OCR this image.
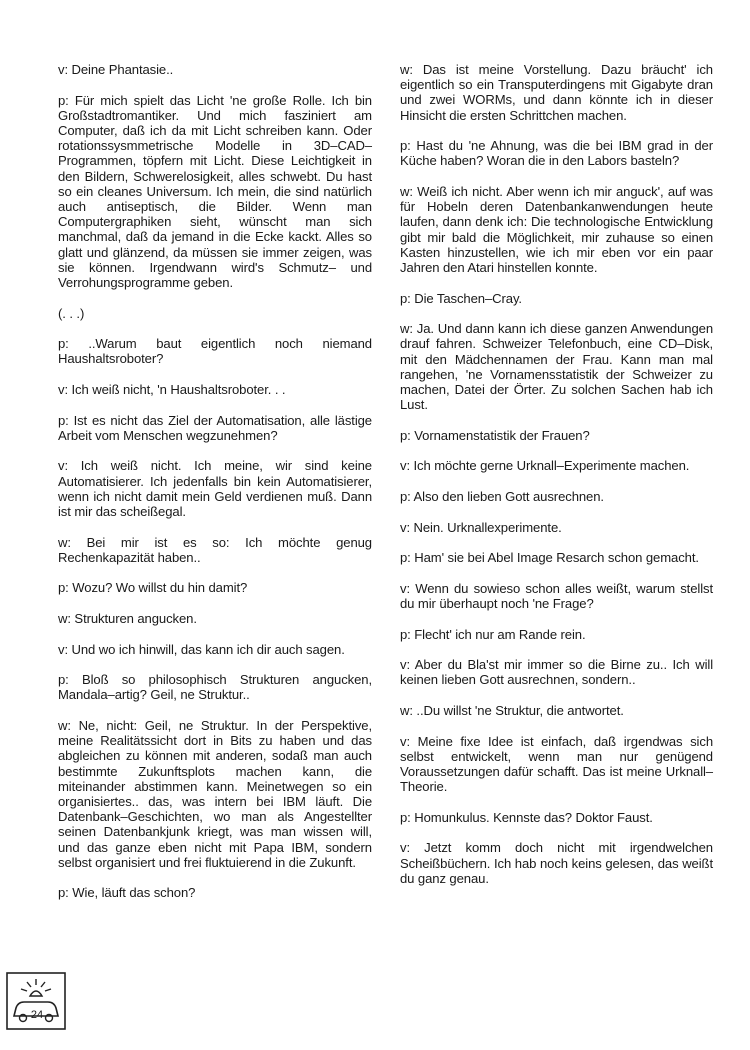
v: Deine Phantasie..

p: Für mich spielt das Licht 'ne große Rolle. Ich bin Großstadtromantiker. Und mich fasziniert am Computer, daß ich da mit Licht schreiben kann. Oder rotationssysmmetrische Modelle in 3D–CAD–Programmen, töpfern mit Licht. Diese Leichtigkeit in den Bildern, Schwerelosigkeit, alles schwebt. Du hast so ein cleanes Universum. Ich mein, die sind natürlich auch antiseptisch, die Bilder. Wenn man Computergraphiken sieht, wünscht man sich manchmal, daß da jemand in die Ecke kackt. Alles so glatt und glänzend, da müssen sie immer zeigen, was sie können. Irgendwann wird's Schmutz– und Verrohungsprogramme geben.

(. . .)

p: ..Warum baut eigentlich noch niemand Haushaltsroboter?

v: Ich weiß nicht, 'n Haushaltsroboter. . .

p: Ist es nicht das Ziel der Automatisation, alle lästige Arbeit vom Menschen wegzunehmen?

v: Ich weiß nicht. Ich meine, wir sind keine Automatisierer. Ich jedenfalls bin kein Automatisierer, wenn ich nicht damit mein Geld verdienen muß. Dann ist mir das scheißegal.

w: Bei mir ist es so: Ich möchte genug Rechenkapazität haben..

p: Wozu? Wo willst du hin damit?

w: Strukturen angucken.

v: Und wo ich hinwill, das kann ich dir auch sagen.

p: Bloß so philosophisch Strukturen angucken, Mandala–artig? Geil, ne Struktur..

w: Ne, nicht: Geil, ne Struktur. In der Perspektive, meine Realitätssicht dort in Bits zu haben und das abgleichen zu können mit anderen, sodaß man auch bestimmte Zukunftsplots machen kann, die miteinander abstimmen kann. Meinetwegen so ein organisiertes.. das, was intern bei IBM läuft. Die Datenbank–Geschichten, wo man als Angestellter seinen Datenbankjunk kriegt, was man wissen will, und das ganze eben nicht mit Papa IBM, sondern selbst organisiert und frei fluktuierend in die Zukunft.

p: Wie, läuft das schon?

w: Das ist meine Vorstellung. Dazu bräucht' ich eigentlich so ein Transputerdingens mit Gigabyte dran und zwei WORMs, und dann könnte ich in dieser Hinsicht die ersten Schrittchen machen.

p: Hast du 'ne Ahnung, was die bei IBM grad in der Küche haben? Woran die in den Labors basteln?

w: Weiß ich nicht. Aber wenn ich mir anguck', auf was für Hobeln deren Datenbankanwendungen heute laufen, dann denk ich: Die technologische Entwicklung gibt mir bald die Möglichkeit, mir zuhause so einen Kasten hinzustellen, wie ich mir eben vor ein paar Jahren den Atari hinstellen konnte.

p: Die Taschen–Cray.

w: Ja. Und dann kann ich diese ganzen Anwendungen drauf fahren. Schweizer Telefonbuch, eine CD–Disk, mit den Mädchennamen der Frau. Kann man mal rangehen, 'ne Vornamensstatistik der Schweizer zu machen, Datei der Örter. Zu solchen Sachen hab ich Lust.

p: Vornamenstatistik der Frauen?

v: Ich möchte gerne Urknall–Experimente machen.

p: Also den lieben Gott ausrechnen.

v: Nein. Urknallexperimente.

p: Ham' sie bei Abel Image Resarch schon gemacht.

v: Wenn du sowieso schon alles weißt, warum stellst du mir überhaupt noch 'ne Frage?

p: Flecht' ich nur am Rande rein.

v: Aber du Bla'st mir immer so die Birne zu.. Ich will keinen lieben Gott ausrechnen, sondern..

w: ..Du willst 'ne Struktur, die antwortet.

v: Meine fixe Idee ist einfach, daß irgendwas sich selbst entwickelt, wenn man nur genügend Voraussetzungen dafür schafft. Das ist meine Urknall–Theorie.

p: Homunkulus. Kennste das? Doktor Faust.

v: Jetzt komm doch nicht mit irgendwelchen Scheißbüchern. Ich hab noch keins gelesen, das weißt du ganz genau.

24
